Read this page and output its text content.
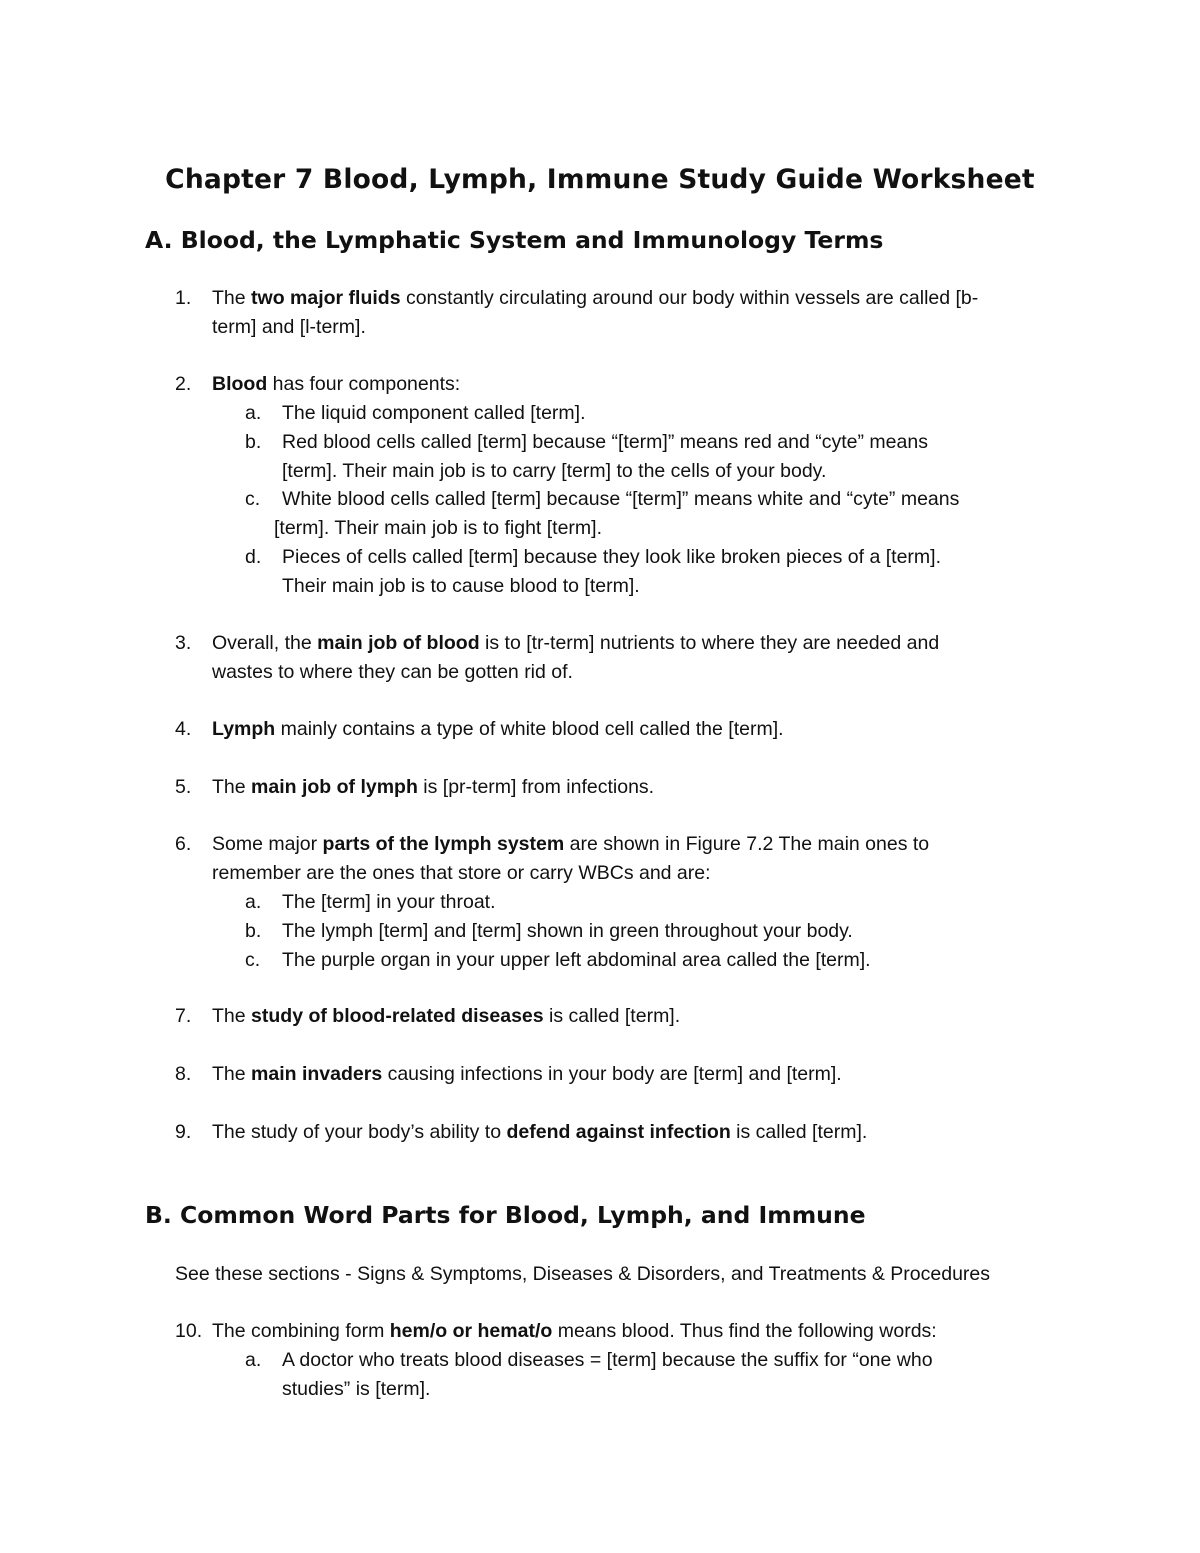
Chapter 7 Blood, Lymph, Immune Study Guide Worksheet
A. Blood, the Lymphatic System and Immunology Terms
1. The two major fluids constantly circulating around our body within vessels are called [b-
term] and [l-term].
2. Blood has four components:
a. The liquid component called [term].
b. Red blood cells called [term] because “[term]” means red and “cyte” means
[term]. Their main job is to carry [term] to the cells of your body.
c. White blood cells called [term] because “[term]” means white and “cyte” means
[term]. Their main job is to fight [term].
d. Pieces of cells called [term] because they look like broken pieces of a [term].
Their main job is to cause blood to [term].
3. Overall, the main job of blood is to [tr-term] nutrients to where they are needed and
wastes to where they can be gotten rid of.
4. Lymph mainly contains a type of white blood cell called the [term].
5. The main job of lymph is [pr-term] from infections.
6. Some major parts of the lymph system are shown in Figure 7.2 The main ones to
remember are the ones that store or carry WBCs and are:
a. The [term] in your throat.
b. The lymph [term] and [term] shown in green throughout your body.
c. The purple organ in your upper left abdominal area called the [term].
7. The study of blood-related diseases is called [term].
8. The main invaders causing infections in your body are [term] and [term].
9. The study of your body’s ability to defend against infection is called [term].
B. Common Word Parts for Blood, Lymph, and Immune
See these sections - Signs & Symptoms, Diseases & Disorders, and Treatments & Procedures
10. The combining form hem/o or hemat/o means blood. Thus find the following words:
a. A doctor who treats blood diseases = [term] because the suffix for “one who
studies” is [term].
